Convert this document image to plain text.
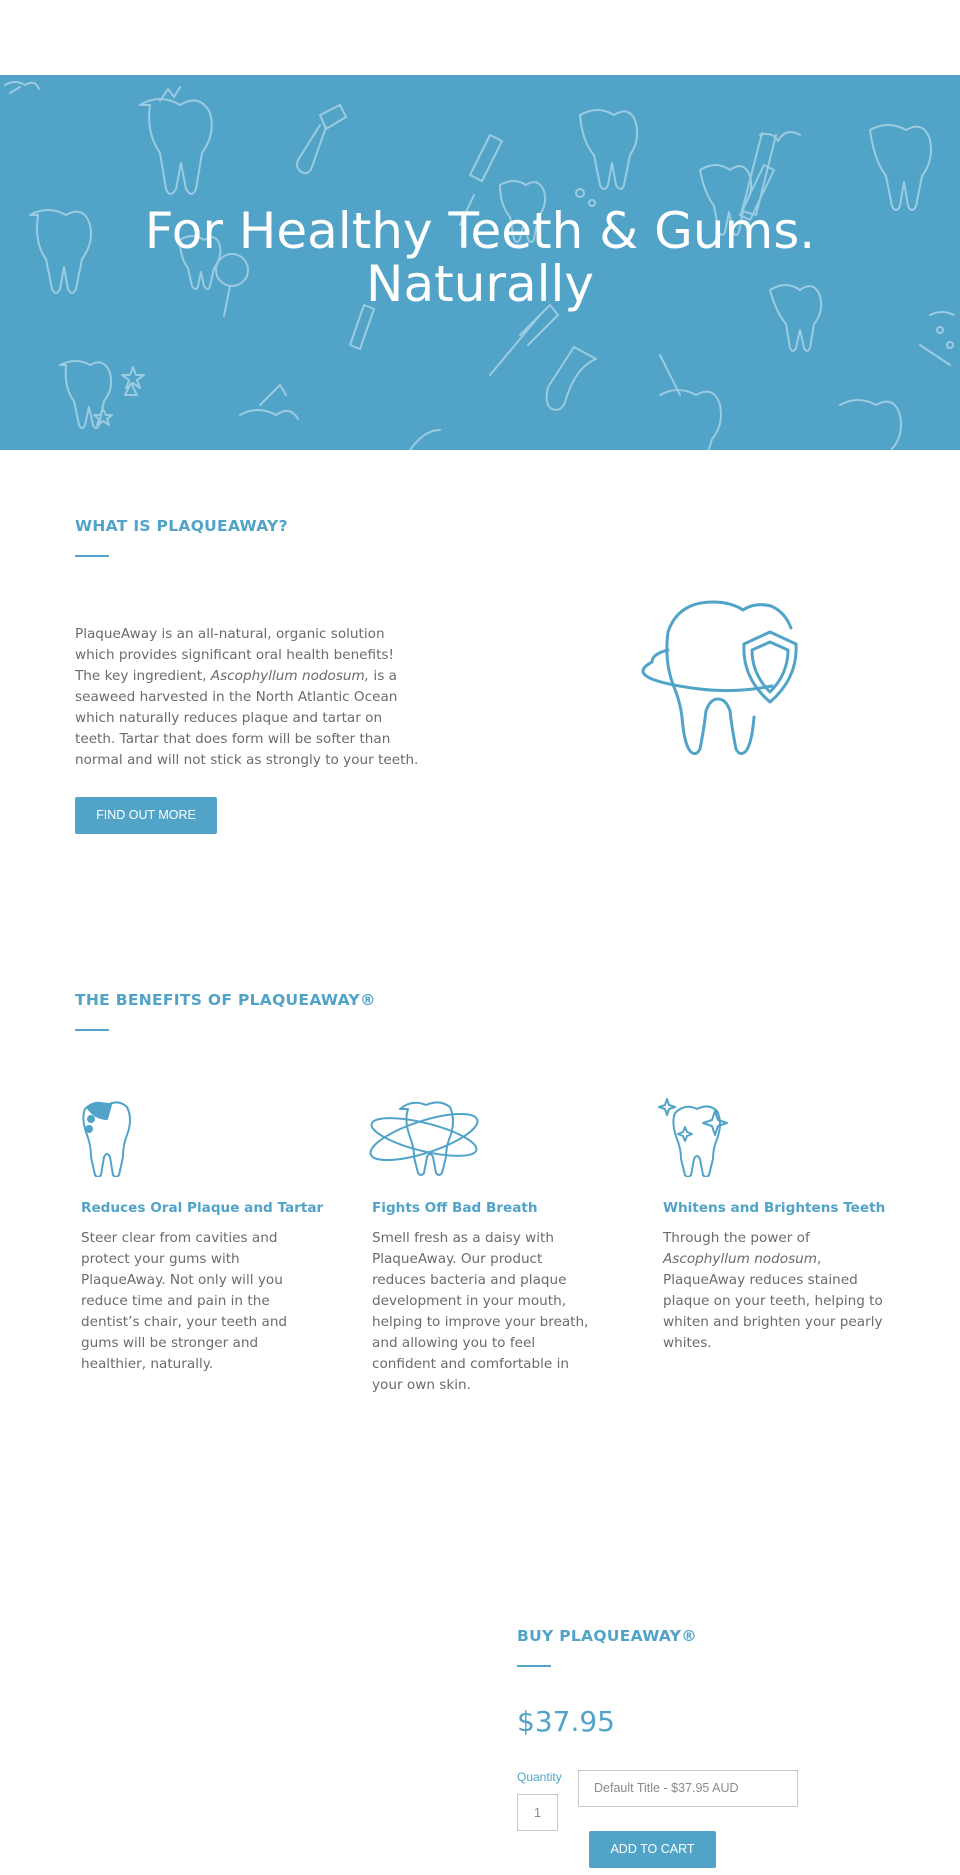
For Healthy Teeth & Gums.
Naturally
WHAT IS PLAQUEAWAY?

PlaqueAway is an all-natural, organic solution which provides significant oral health benefits! The key ingredient, Ascophyllum nodosum, is a seaweed harvested in the North Atlantic Ocean which naturally reduces plaque and tartar on teeth. Tartar that does form will be softer than normal and will not stick as strongly to your teeth.

FIND OUT MORE
THE BENEFITS OF PLAQUEAWAY®
Reduces Oral Plaque and Tartar

Steer clear from cavities and protect your gums with PlaqueAway. Not only will you reduce time and pain in the dentist’s chair, your teeth and gums will be stronger and healthier, naturally.

Fights Off Bad Breath

Smell fresh as a daisy with PlaqueAway. Our product reduces bacteria and plaque development in your mouth, helping to improve your breath, and allowing you to feel confident and comfortable in your own skin.

Whitens and Brightens Teeth

Through the power of Ascophyllum nodosum, PlaqueAway reduces stained plaque on your teeth, helping to whiten and brighten your pearly whites.

BUY PLAQUEAWAY®
$37.95
Quantity
1
Default Title - $37.95 AUD
ADD TO CART
